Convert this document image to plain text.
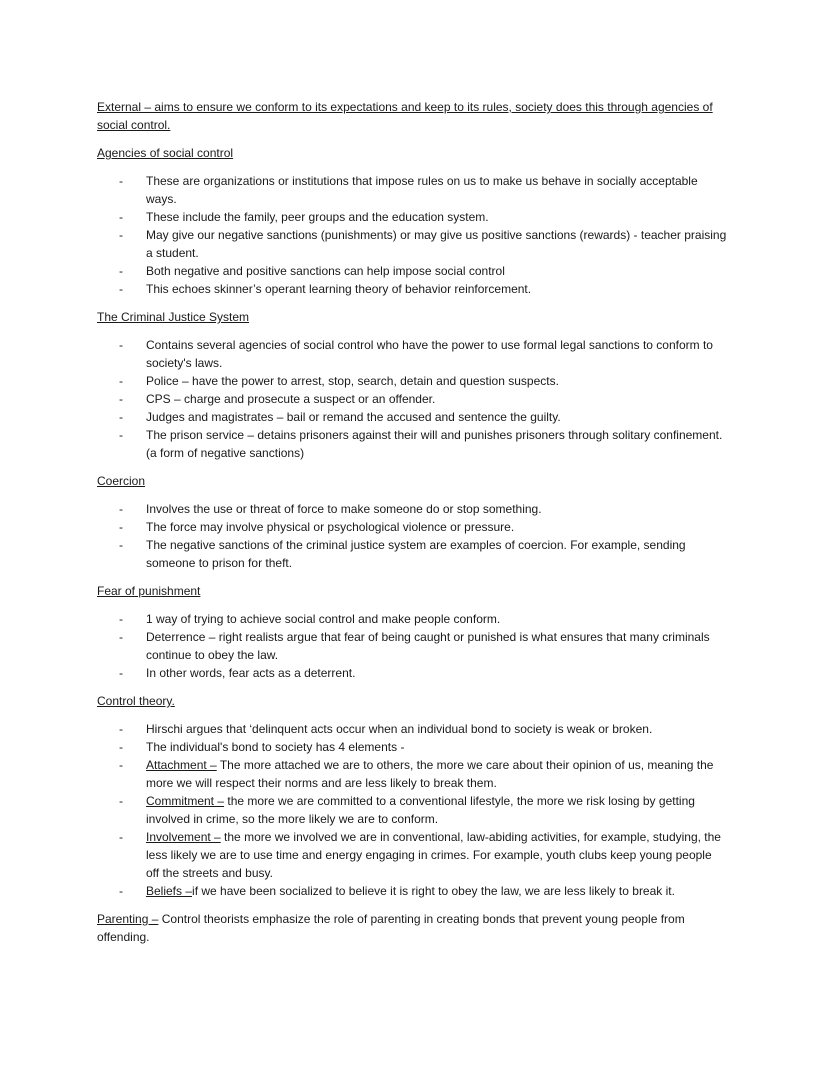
External – aims to ensure we conform to its expectations and keep to its rules, society does this through agencies of social control.

Agencies of social control
- These are organizations or institutions that impose rules on us to make us behave in socially acceptable ways.
- These include the family, peer groups and the education system.
- May give our negative sanctions (punishments) or may give us positive sanctions (rewards) - teacher praising a student.
- Both negative and positive sanctions can help impose social control
- This echoes skinner’s operant learning theory of behavior reinforcement.
The Criminal Justice System
- Contains several agencies of social control who have the power to use formal legal sanctions to conform to society's laws.
- Police – have the power to arrest, stop, search, detain and question suspects.
- CPS – charge and prosecute a suspect or an offender.
- Judges and magistrates – bail or remand the accused and sentence the guilty.
- The prison service – detains prisoners against their will and punishes prisoners through solitary confinement. (a form of negative sanctions)
Coercion
- Involves the use or threat of force to make someone do or stop something.
- The force may involve physical or psychological violence or pressure.
- The negative sanctions of the criminal justice system are examples of coercion. For example, sending someone to prison for theft.
Fear of punishment
- 1 way of trying to achieve social control and make people conform.
- Deterrence – right realists argue that fear of being caught or punished is what ensures that many criminals continue to obey the law.
- In other words, fear acts as a deterrent.
Control theory.
- Hirschi argues that ‘delinquent acts occur when an individual bond to society is weak or broken.
- The individual's bond to society has 4 elements -
- Attachment – The more attached we are to others, the more we care about their opinion of us, meaning the more we will respect their norms and are less likely to break them.
- Commitment – the more we are committed to a conventional lifestyle, the more we risk losing by getting involved in crime, so the more likely we are to conform.
- Involvement – the more we involved we are in conventional, law-abiding activities, for example, studying, the less likely we are to use time and energy engaging in crimes. For example, youth clubs keep young people off the streets and busy.
- Beliefs –if we have been socialized to believe it is right to obey the law, we are less likely to break it.

Parenting – Control theorists emphasize the role of parenting in creating bonds that prevent young people from offending.
